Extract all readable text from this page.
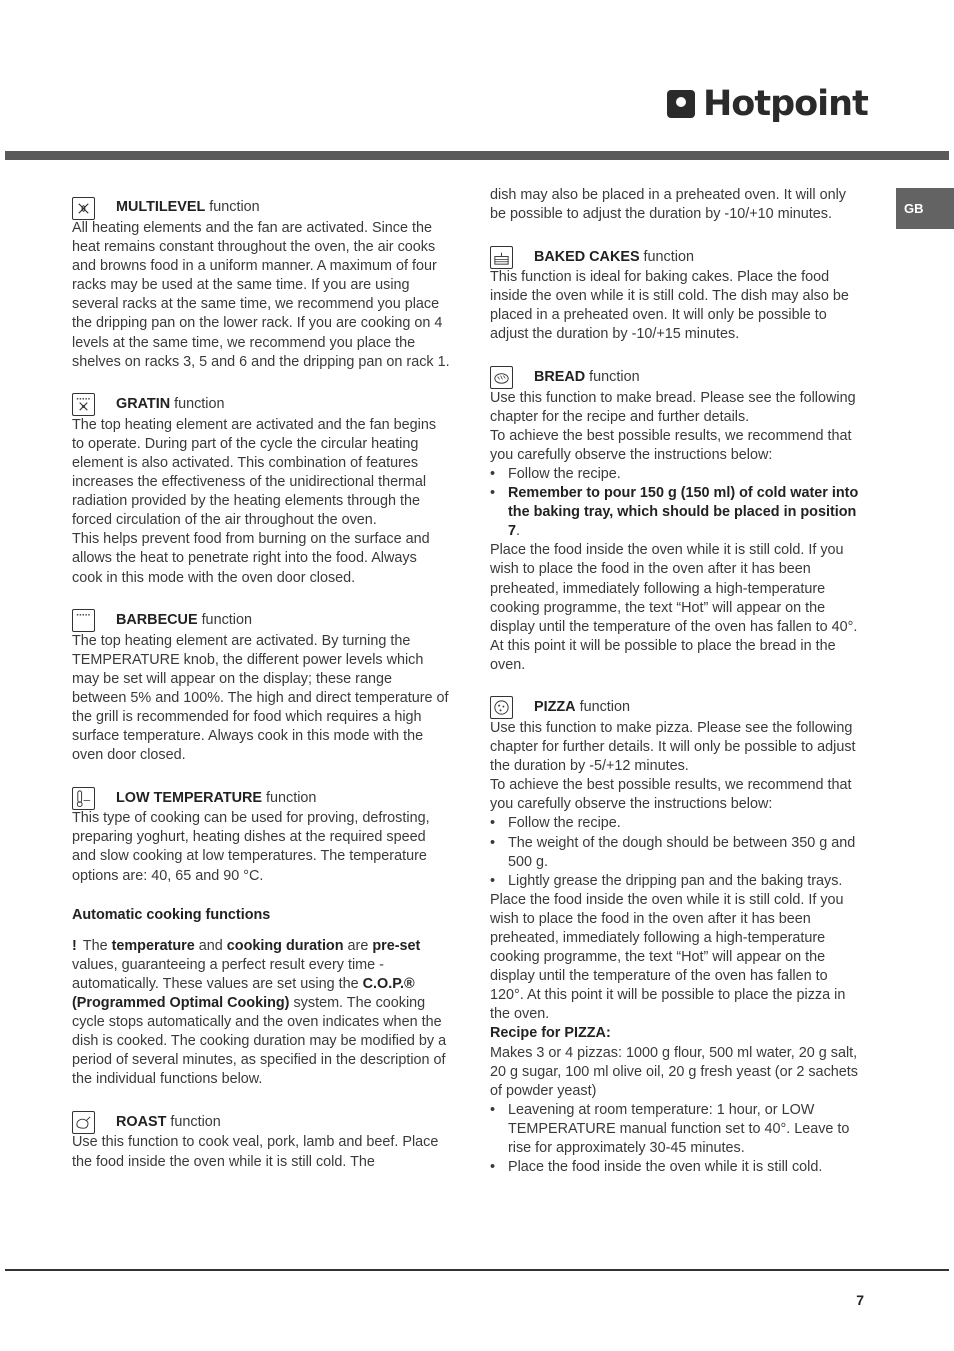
Hotpoint
GB
MULTILEVEL
function

All heating elements and the fan are activated. Since the heat remains constant throughout the oven, the air cooks and browns food in a uniform manner. A maximum of four racks may be used at the same time. If you are using several racks at the same time, we recommend you place the dripping pan on the lower rack. If you are cooking on 4 levels at the same time, we recommend you place the shelves on racks 3, 5 and 6 and the dripping pan on rack 1.

GRATIN
function

The top heating element are activated and the fan begins to operate. During part of the cycle the circular heating element is also activated. This combination of features increases the effectiveness of the unidirectional thermal radiation provided by the heating elements through the forced circulation of the air throughout the oven.

This helps prevent food from burning on the surface and allows the heat to penetrate right into the food. Always cook in this mode with the oven door closed.

BARBECUE
function

The top heating element are activated. By turning the TEMPERATURE knob, the different power levels which may be set will appear on the display; these range between 5% and 100%. The high and direct temperature of the grill is recommended for food which requires a high surface temperature. Always cook in this mode with the oven door closed.

LOW TEMPERATURE
function

This type of cooking can be used for proving, defrosting, preparing yoghurt, heating dishes at the required speed and slow cooking at low temperatures. The temperature options are: 40, 65 and 90 °C.

Automatic cooking functions

! The temperature and cooking duration are pre-set values, guaranteeing a perfect result every time - automatically. These values are set using the C.O.P.® (Programmed Optimal Cooking) system. The cooking cycle stops automatically and the oven indicates when the dish is cooked. The cooking duration may be modified by a period of several minutes, as specified in the description of the individual functions below.

ROAST
function

Use this function to cook veal, pork, lamb and beef. Place the food inside the oven while it is still cold. The

dish may also be placed in a preheated oven. It will only be possible to adjust the duration by -10/+10 minutes.

BAKED CAKES
function

This function is ideal for baking cakes. Place the food inside the oven while it is still cold. The dish may also be placed in a preheated oven. It will only be possible to adjust the duration by -10/+15 minutes.

BREAD
function

Use this function to make bread. Please see the following chapter for the recipe and further details.

To achieve the best possible results, we recommend that you carefully observe the instructions below:

• Follow the recipe.
• Remember to pour 150 g (150 ml) of cold water into the baking tray, which should be placed in position 7.

Place the food inside the oven while it is still cold. If you wish to place the food in the oven after it has been preheated, immediately following a high-temperature cooking programme, the text “Hot” will appear on the display until the temperature of the oven has fallen to 40°. At this point it will be possible to place the bread in the oven.

PIZZA
function

Use this function to make pizza. Please see the following chapter for further details. It will only be possible to adjust the duration by -5/+12 minutes.

To achieve the best possible results, we recommend that you carefully observe the instructions below:

• Follow the recipe.
• The weight of the dough should be between 350 g and 500 g.
• Lightly grease the dripping pan and the baking trays.

Place the food inside the oven while it is still cold. If you wish to place the food in the oven after it has been preheated, immediately following a high-temperature cooking programme, the text “Hot” will appear on the display until the temperature of the oven has fallen to 120°. At this point it will be possible to place the pizza in the oven.

Recipe for PIZZA:

Makes 3 or 4 pizzas: 1000 g flour, 500 ml water, 20 g salt, 20 g sugar, 100 ml olive oil, 20 g fresh yeast (or 2 sachets of powder yeast)

• Leavening at room temperature: 1 hour, or LOW TEMPERATURE manual function set to 40°. Leave to rise for approximately 30-45 minutes.
• Place the food inside the oven while it is still cold.
7
